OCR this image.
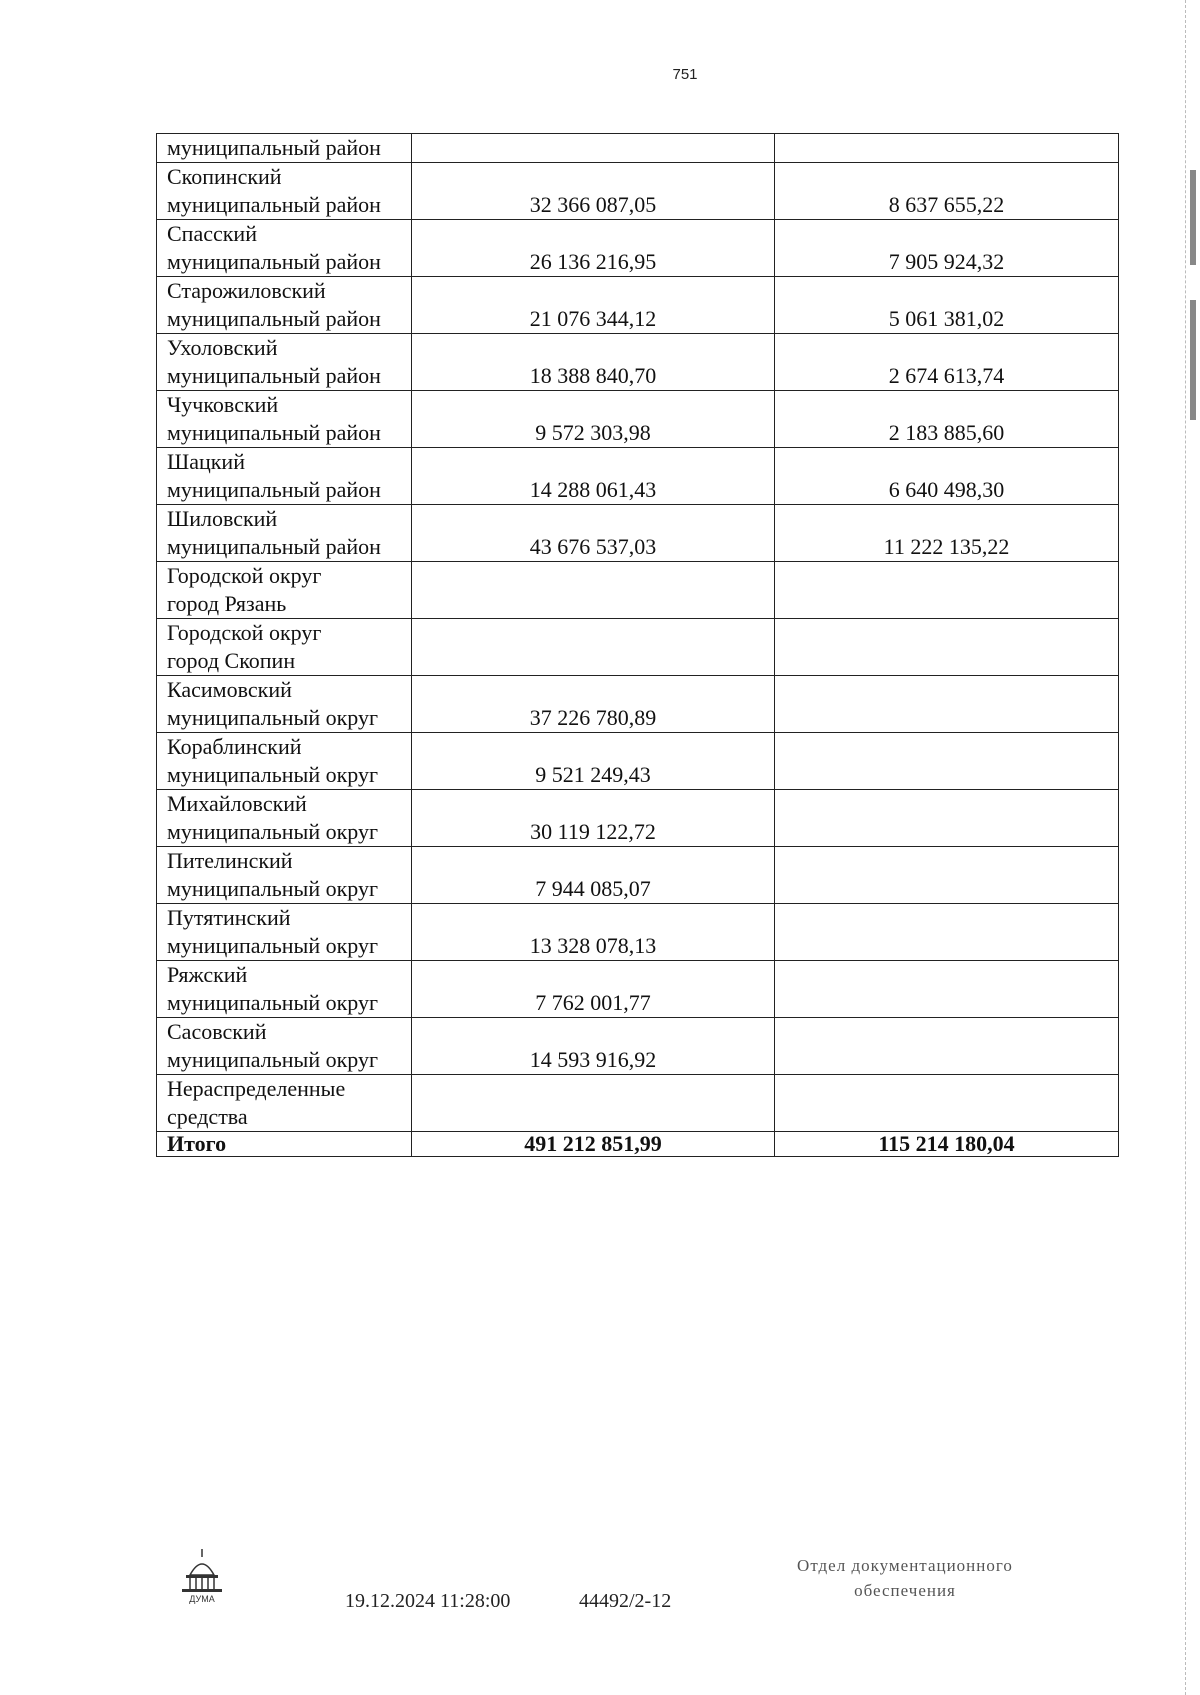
751
муниципальный район		

Скопинский
муниципальный район	32 366 087,05	8 637 655,22

Спасский
муниципальный район	26 136 216,95	7 905 924,32

Старожиловский
муниципальный район	21 076 344,12	5 061 381,02

Ухоловский
муниципальный район	18 388 840,70	2 674 613,74

Чучковский
муниципальный район	9 572 303,98	2 183 885,60

Шацкий
муниципальный район	14 288 061,43	6 640 498,30

Шиловский
муниципальный район	43 676 537,03	11 222 135,22

Городской округ
город Рязань		

Городской округ
город Скопин		

Касимовский
муниципальный округ	37 226 780,89	

Кораблинский
муниципальный округ	9 521 249,43	

Михайловский
муниципальный округ	30 119 122,72	

Пителинский
муниципальный округ	7 944 085,07	

Путятинский
муниципальный округ	13 328 078,13	

Ряжский
муниципальный округ	7 762 001,77	

Сасовский
муниципальный округ	14 593 916,92	

Нераспределенные
средства		

Итого	491 212 851,99	115 214 180,04
ДУМА	19.12.2024 11:28:00	44492/2-12
Отдел документационного
обеспечения
